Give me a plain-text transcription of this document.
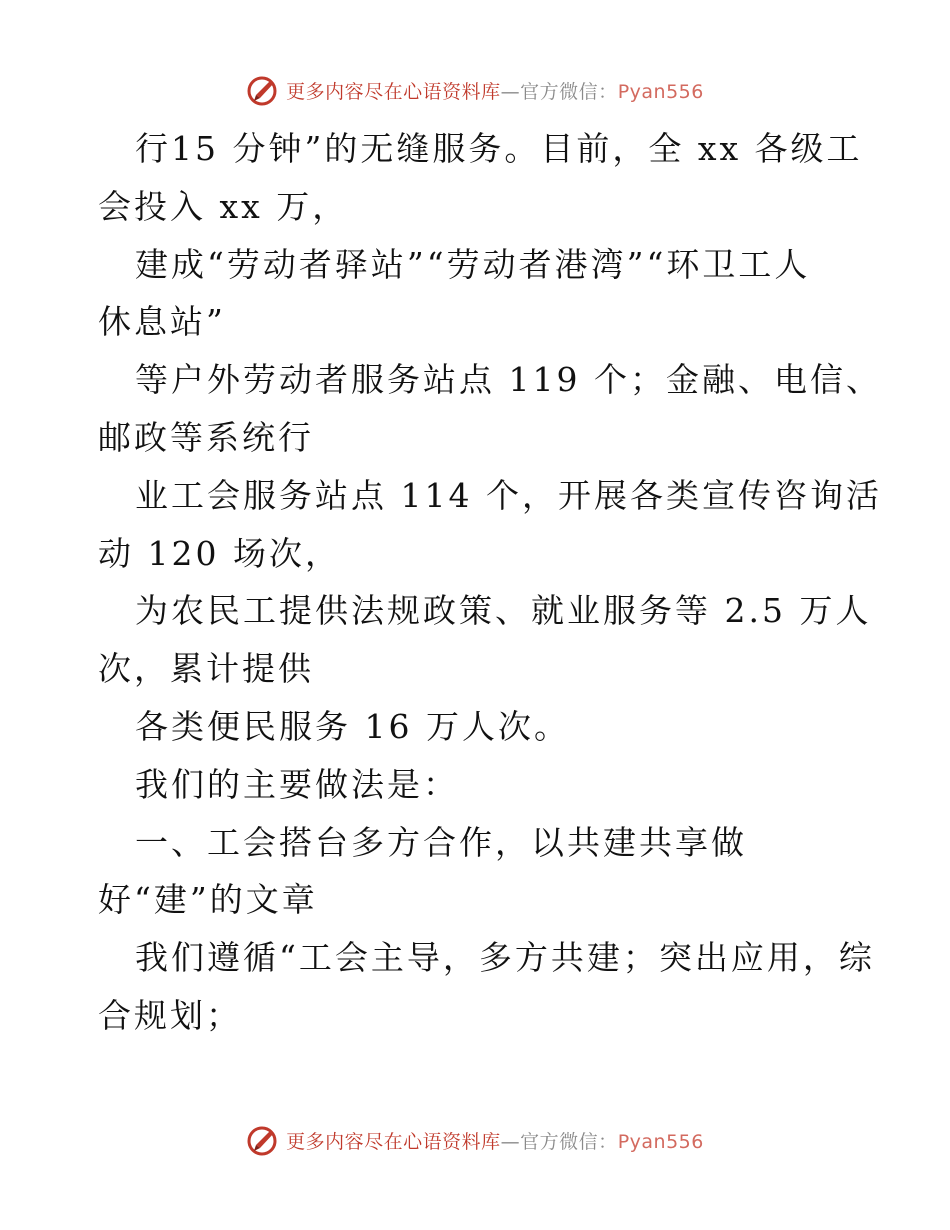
更多内容尽在心语资料库—官方微信：Pyan556
行15 分钟”的无缝服务。目前，全 xx 各级工
会投入 xx 万，
建成“劳动者驿站”“劳动者港湾”“环卫工人
休息站”
等户外劳动者服务站点 119 个；金融、电信、
邮政等系统行
业工会服务站点 114 个，开展各类宣传咨询活
动 120 场次，
为农民工提供法规政策、就业服务等 2.5 万人
次，累计提供
各类便民服务 16 万人次。
我们的主要做法是：
一、工会搭台多方合作，以共建共享做
好“建”的文章
我们遵循“工会主导，多方共建；突出应用，综
合规划；
更多内容尽在心语资料库—官方微信：Pyan556
